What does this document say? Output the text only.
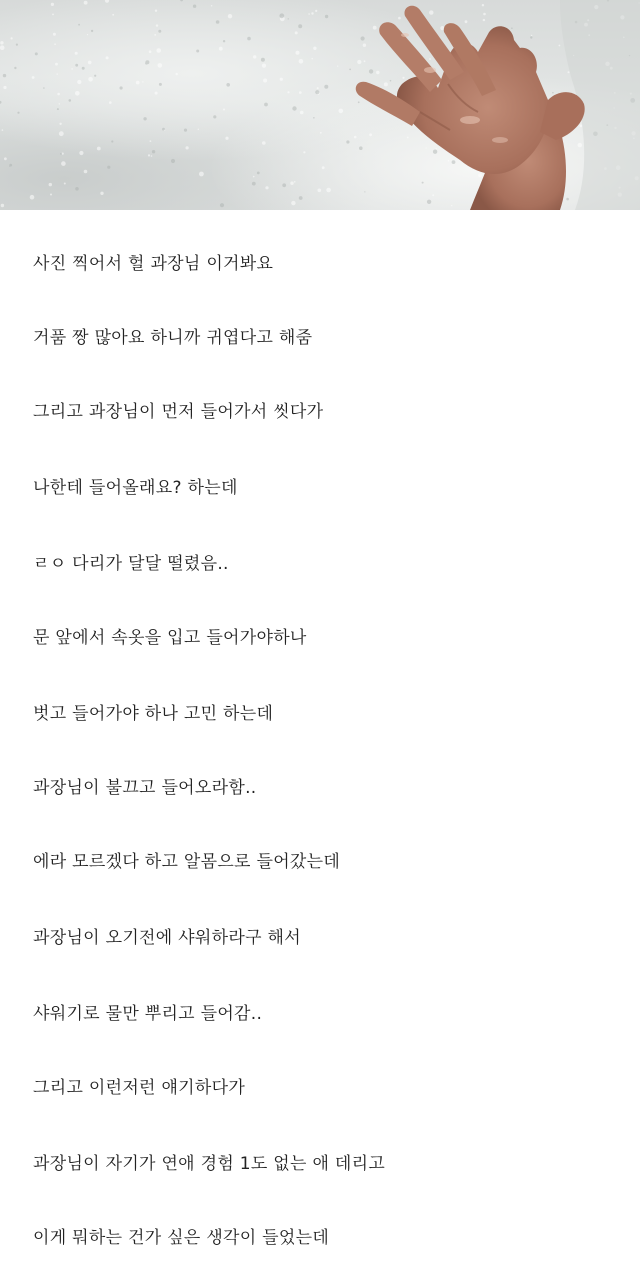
사진 찍어서 헐 과장님 이거봐요
거품 짱 많아요 하니까 귀엽다고 해줌
그리고 과장님이 먼저 들어가서 씻다가
나한테 들어올래요? 하는데
ㄹㅇ 다리가 달달 떨렸음..
문 앞에서 속옷을 입고 들어가야하나
벗고 들어가야 하나 고민 하는데
과장님이 불끄고 들어오라함..
에라 모르겠다 하고 알몸으로 들어갔는데
과장님이 오기전에 샤워하라구 해서
샤워기로 물만 뿌리고 들어감..
그리고 이런저런 얘기하다가
과장님이 자기가 연애 경험 1도 없는 애 데리고
이게 뭐하는 건가 싶은 생각이 들었는데
